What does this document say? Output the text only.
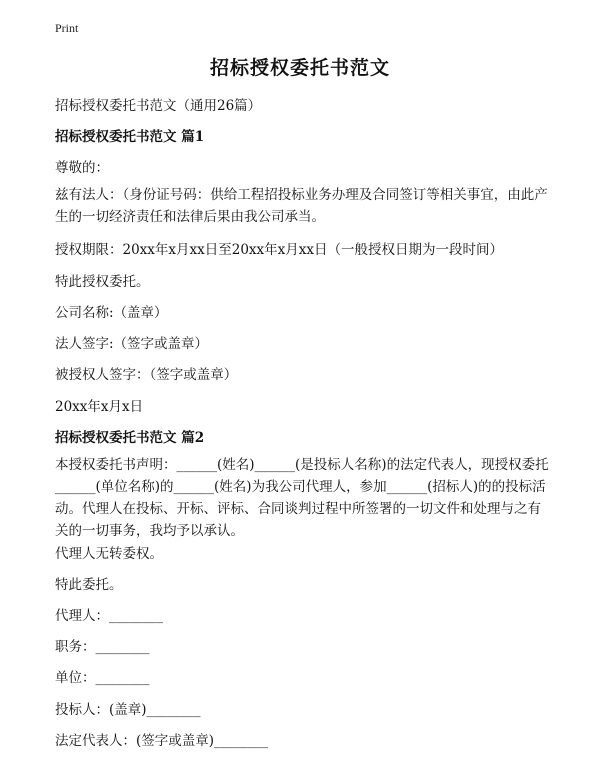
Print
招标授权委托书范文
招标授权委托书范文（通用26篇）
招标授权委托书范文 篇1
尊敬的：
兹有法人：（身份证号码：供给工程招投标业务办理及合同签订等相关事宜，由此产生的一切经济责任和法律后果由我公司承当。
授权期限：20xx年x月xx日至20xx年x月xx日（一般授权日期为一段时间）
特此授权委托。
公司名称:（盖章）
法人签字:（签字或盖章）
被授权人签字：（签字或盖章）
20xx年x月x日
招标授权委托书范文 篇2
本授权委托书声明：______(姓名)______(是投标人名称)的法定代表人，现授权委托______(单位名称)的______(姓名)为我公司代理人，参加______(招标人)的的投标活动。代理人在投标、开标、评标、合同谈判过程中所签署的一切文件和处理与之有关的一切事务，我均予以承认。
代理人无转委权。
特此委托。
代理人：________
职务：________
单位：________
投标人：(盖章)________
法定代表人：(签字或盖章)________
